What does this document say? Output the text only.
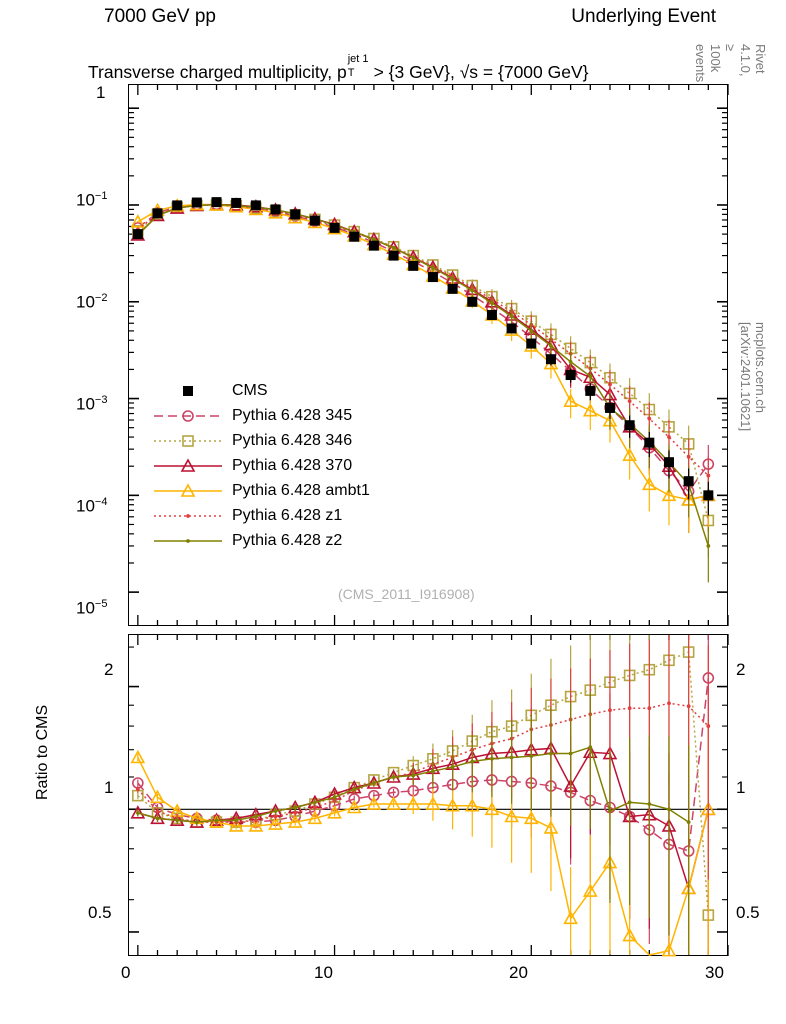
7000 GeV pp	Underlying Event
Transverse charged multiplicity, p
jet 1
T > {3 GeV}, √s = {7000 GeV}	Rivet 4.1.0, ≥ 100k events
mcplots.cern.ch [arXiv:2401.10621]
1
$10^{-1}$
$10^{-2}$
$10^{-3}$
$10^{-4}$
$10^{-5}$
2
1
0.5
2
1
0.5
0	10	20	30
Ratio to CMS
(CMS_2011_I916908)
CMS
Pythia 6.428 345
Pythia 6.428 346
Pythia 6.428 370
Pythia 6.428 ambt1
Pythia 6.428 z1
Pythia 6.428 z2
